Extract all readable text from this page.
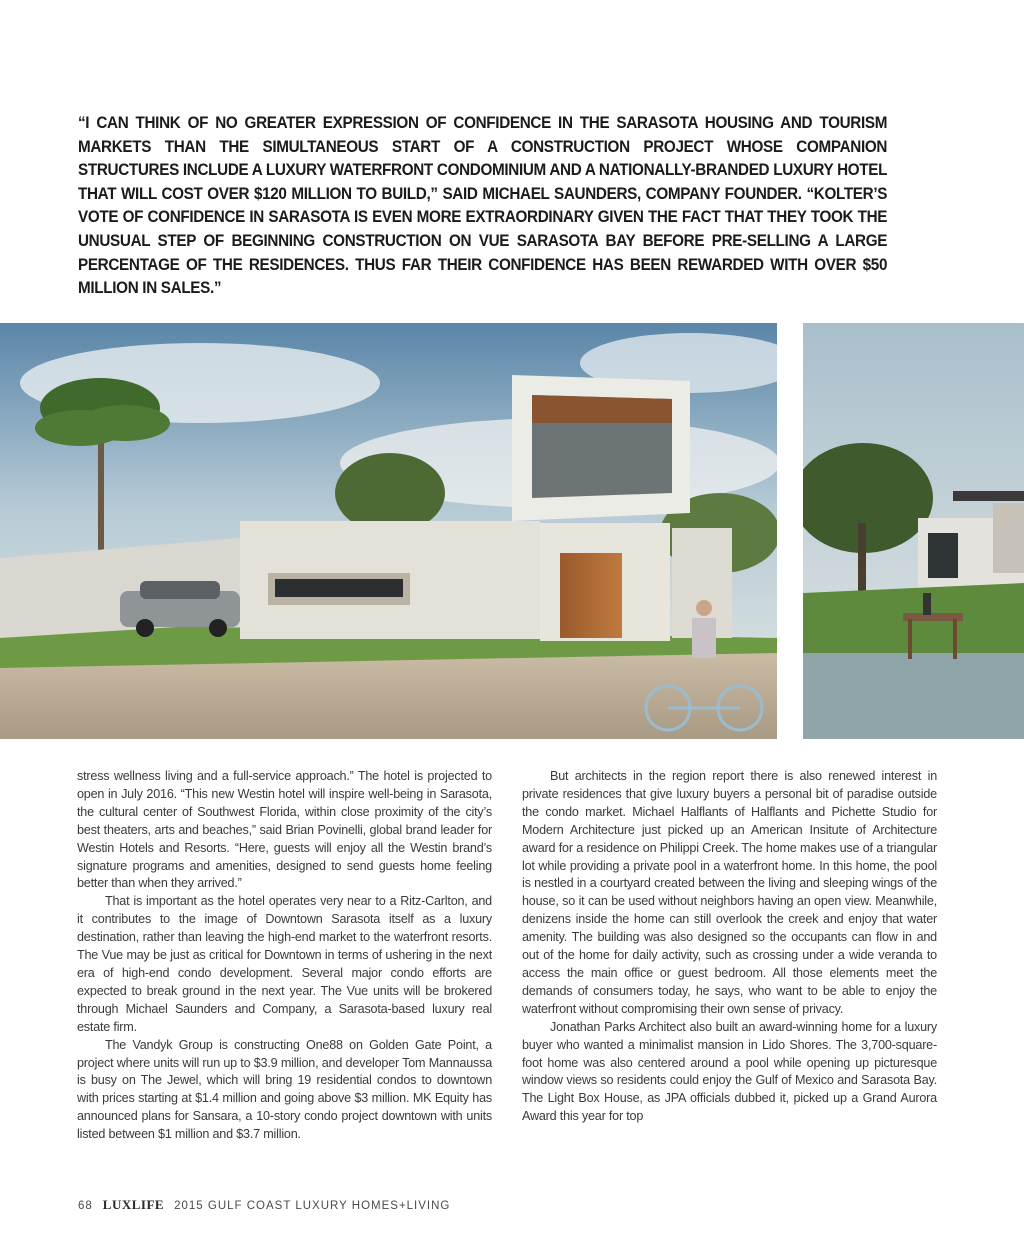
“I CAN THINK OF NO GREATER EXPRESSION OF CONFIDENCE IN THE SARASOTA HOUSING AND TOURISM MARKETS THAN THE SIMULTANEOUS START OF A CONSTRUCTION PROJECT WHOSE COMPANION STRUCTURES INCLUDE A LUXURY WATERFRONT CONDOMINIUM AND A NATIONALLY-BRANDED LUXURY HOTEL THAT WILL COST OVER $120 MILLION TO BUILD,” SAID MICHAEL SAUNDERS, COMPANY FOUNDER. “KOLTER’S VOTE OF CONFIDENCE IN SARASOTA IS EVEN MORE EXTRAORDINARY GIVEN THE FACT THAT THEY TOOK THE UNUSUAL STEP OF BEGINNING CONSTRUCTION ON VUE SARASOTA BAY BEFORE PRE-SELLING A LARGE PERCENTAGE OF THE RESIDENCES. THUS FAR THEIR CONFIDENCE HAS BEEN REWARDED WITH OVER $50 MILLION IN SALES.”

stress wellness living and a full-service approach.” The hotel is projected to open in July 2016. “This new Westin hotel will inspire well-being in Sarasota, the cultural center of Southwest Florida, within close proximity of the city’s best theaters, arts and beaches,” said Brian Povinelli, global brand leader for Westin Hotels and Resorts. “Here, guests will enjoy all the Westin brand’s signature programs and amenities, designed to send guests home feeling better than when they arrived.”

That is important as the hotel operates very near to a Ritz-Carlton, and it contributes to the image of Downtown Sarasota itself as a luxury destination, rather than leaving the high-end market to the waterfront resorts. The Vue may be just as critical for Downtown in terms of ushering in the next era of high-end condo development. Several major condo efforts are expected to break ground in the next year. The Vue units will be brokered through Michael Saunders and Company, a Sarasota-based luxury real estate firm.

The Vandyk Group is constructing One88 on Golden Gate Point, a project where units will run up to $3.9 million, and developer Tom Mannaussa is busy on The Jewel, which will bring 19 residential condos to downtown with prices starting at $1.4 million and going above $3 million. MK Equity has announced plans for Sansara, a 10-story condo project downtown with units listed between $1 million and $3.7 million.

But architects in the region report there is also renewed interest in private residences that give luxury buyers a personal bit of paradise outside the condo market. Michael Halflants of Halflants and Pichette Studio for Modern Architecture just picked up an American Insitute of Architecture award for a residence on Philippi Creek. The home makes use of a triangular lot while providing a private pool in a waterfront home. In this home, the pool is nestled in a courtyard created between the living and sleeping wings of the house, so it can be used without neighbors having an open view. Meanwhile, denizens inside the home can still overlook the creek and enjoy that water amenity. The building was also designed so the occupants can flow in and out of the home for daily activity, such as crossing under a wide veranda to access the main office or guest bedroom. All those elements meet the demands of consumers today, he says, who want to be able to enjoy the waterfront without compromising their own sense of privacy.

Jonathan Parks Architect also built an award-winning home for a luxury buyer who wanted a minimalist mansion in Lido Shores. The 3,700-square-foot home was also centered around a pool while opening up picturesque window views so residents could enjoy the Gulf of Mexico and Sarasota Bay. The Light Box House, as JPA officials dubbed it, picked up a Grand Aurora Award this year for top

68 LUXLIFE 2015 GULF COAST LUXURY HOMES+LIVING
